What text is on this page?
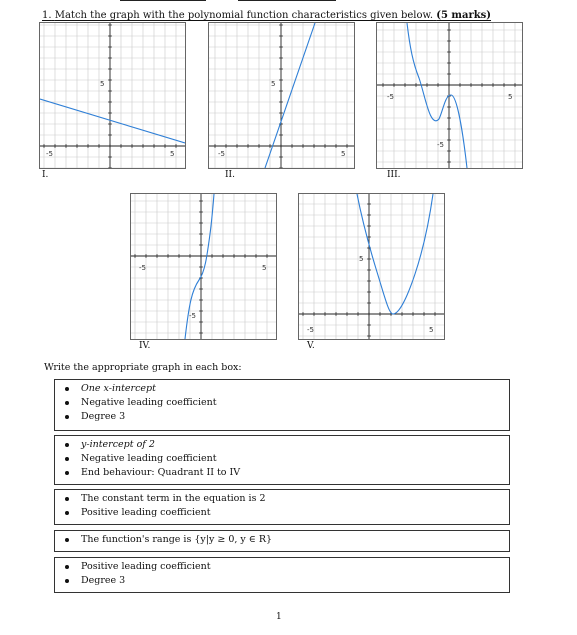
1. Match the graph with the polynomial function characteristics given below. (5 marks)
-5	5
5
I.
-5	5
5
II.
-5	5
-5
III.
-5	5
-5
IV.
-5	5
5
V.
Write the appropriate graph in each box:
One x-intercept
Negative leading coefficient
Degree 3
y-intercept of 2
Negative leading coefficient
End behaviour: Quadrant II to IV
The constant term in the equation is 2
Positive leading coefficient
The function's range is {y|y ≥ 0, y ∈ R}
Positive leading coefficient
Degree 3
1
